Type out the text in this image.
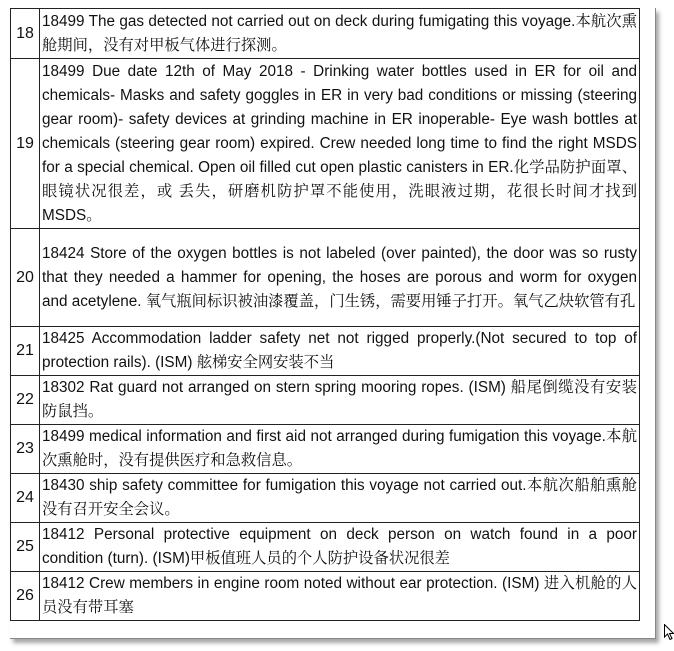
18	18499 The gas detected not carried out on deck during fumigating this voyage.本航次熏舱期间，没有对甲板气体进行探测。
19	18499 Due date 12th of May 2018 - Drinking water bottles used in ER for oil and chemicals- Masks and safety goggles in ER in very bad conditions or missing (steering gear room)- safety devices at grinding machine in ER inoperable- Eye wash bottles at chemicals (steering gear room) expired. Crew needed long time to find the right MSDS for a special chemical. Open oil filled cut open plastic canisters in ER.化学品防护面罩、眼镜状况很差，或 丢失，研磨机防护罩不能使用，洗眼液过期，花很长时间才找到MSDS。
20	18424 Store of the oxygen bottles is not labeled (over painted), the door was so rusty that they needed a hammer for opening, the hoses are porous and worm for oxygen and acetylene. 氧气瓶间标识被油漆覆盖，门生锈，需要用锤子打开。氧气乙炔软管有孔
21	18425 Accommodation ladder safety net not rigged properly.(Not secured to top of protection rails). (ISM) 舷梯安全网安装不当
22	18302 Rat guard not arranged on stern spring mooring ropes. (ISM) 船尾倒缆没有安装防鼠挡。
23	18499 medical information and first aid not arranged during fumigation this voyage.本航次熏舱时，没有提供医疗和急救信息。
24	18430 ship safety committee for fumigation this voyage not carried out.本航次船舶熏舱没有召开安全会议。
25	18412 Personal protective equipment on deck person on watch found in a poor condition (turn). (ISM)甲板值班人员的个人防护设备状况很差
26	18412 Crew members in engine room noted without ear protection. (ISM) 进入机舱的人员没有带耳塞
